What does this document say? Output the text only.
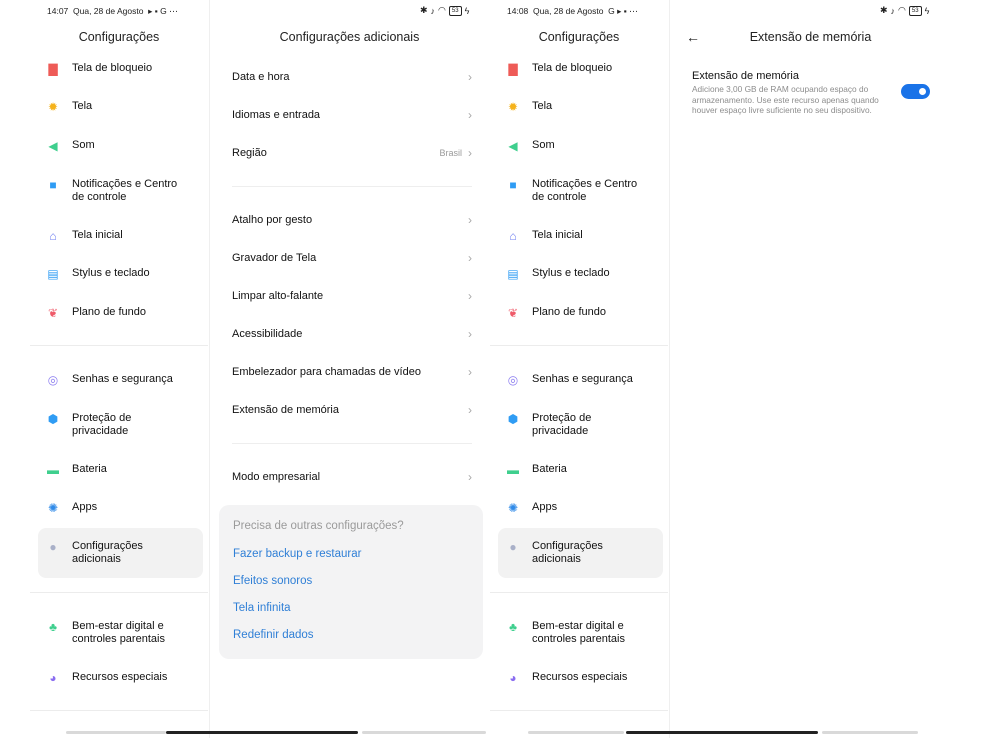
14:07 Qua, 28 de Agosto ▸ ▪ G ⋯
Configurações
▇ Tela de bloqueio
✹ Tela
◀ Som
■	Notificações e Centro de controle
⌂	Tela inicial
▤ Stylus e teclado
❦ Plano de fundo
◎ Senhas e segurança
⬢ Proteção de privacidade
▬ Bateria
✺ Apps
●	Configurações adicionais
♣ Bem-estar digital e controles parentais
◕	Recursos especiais
✱ ♪ ◠	53 ϟ
Configurações adicionais
Data e hora	›
Idiomas e entrada	›
Região	Brasil ›
Atalho por gesto	›
Gravador de Tela	›
Limpar alto-falante	›
Acessibilidade	›
Embelezador para chamadas de vídeo	›
Extensão de memória	›
Modo empresarial	›
Precisa de outras configurações?
Fazer backup e restaurar
Efeitos sonoros
Tela infinita
Redefinir dados
14:08 Qua, 28 de Agosto G ▸ ▪ ⋯
Configurações
▇ Tela de bloqueio
✹ Tela
◀ Som
■	Notificações e Centro de controle
⌂	Tela inicial
▤ Stylus e teclado
❦ Plano de fundo
◎ Senhas e segurança
⬢ Proteção de privacidade
▬ Bateria
✺ Apps
●	Configurações adicionais
♣ Bem-estar digital e controles parentais
◕	Recursos especiais
✱ ♪ ◠	53 ϟ
←	Extensão de memória
Extensão de memória
Adicione 3,00 GB de RAM ocupando espaço do armazenamento. Use este recurso apenas quando houver espaço livre suficiente no seu dispositivo.
